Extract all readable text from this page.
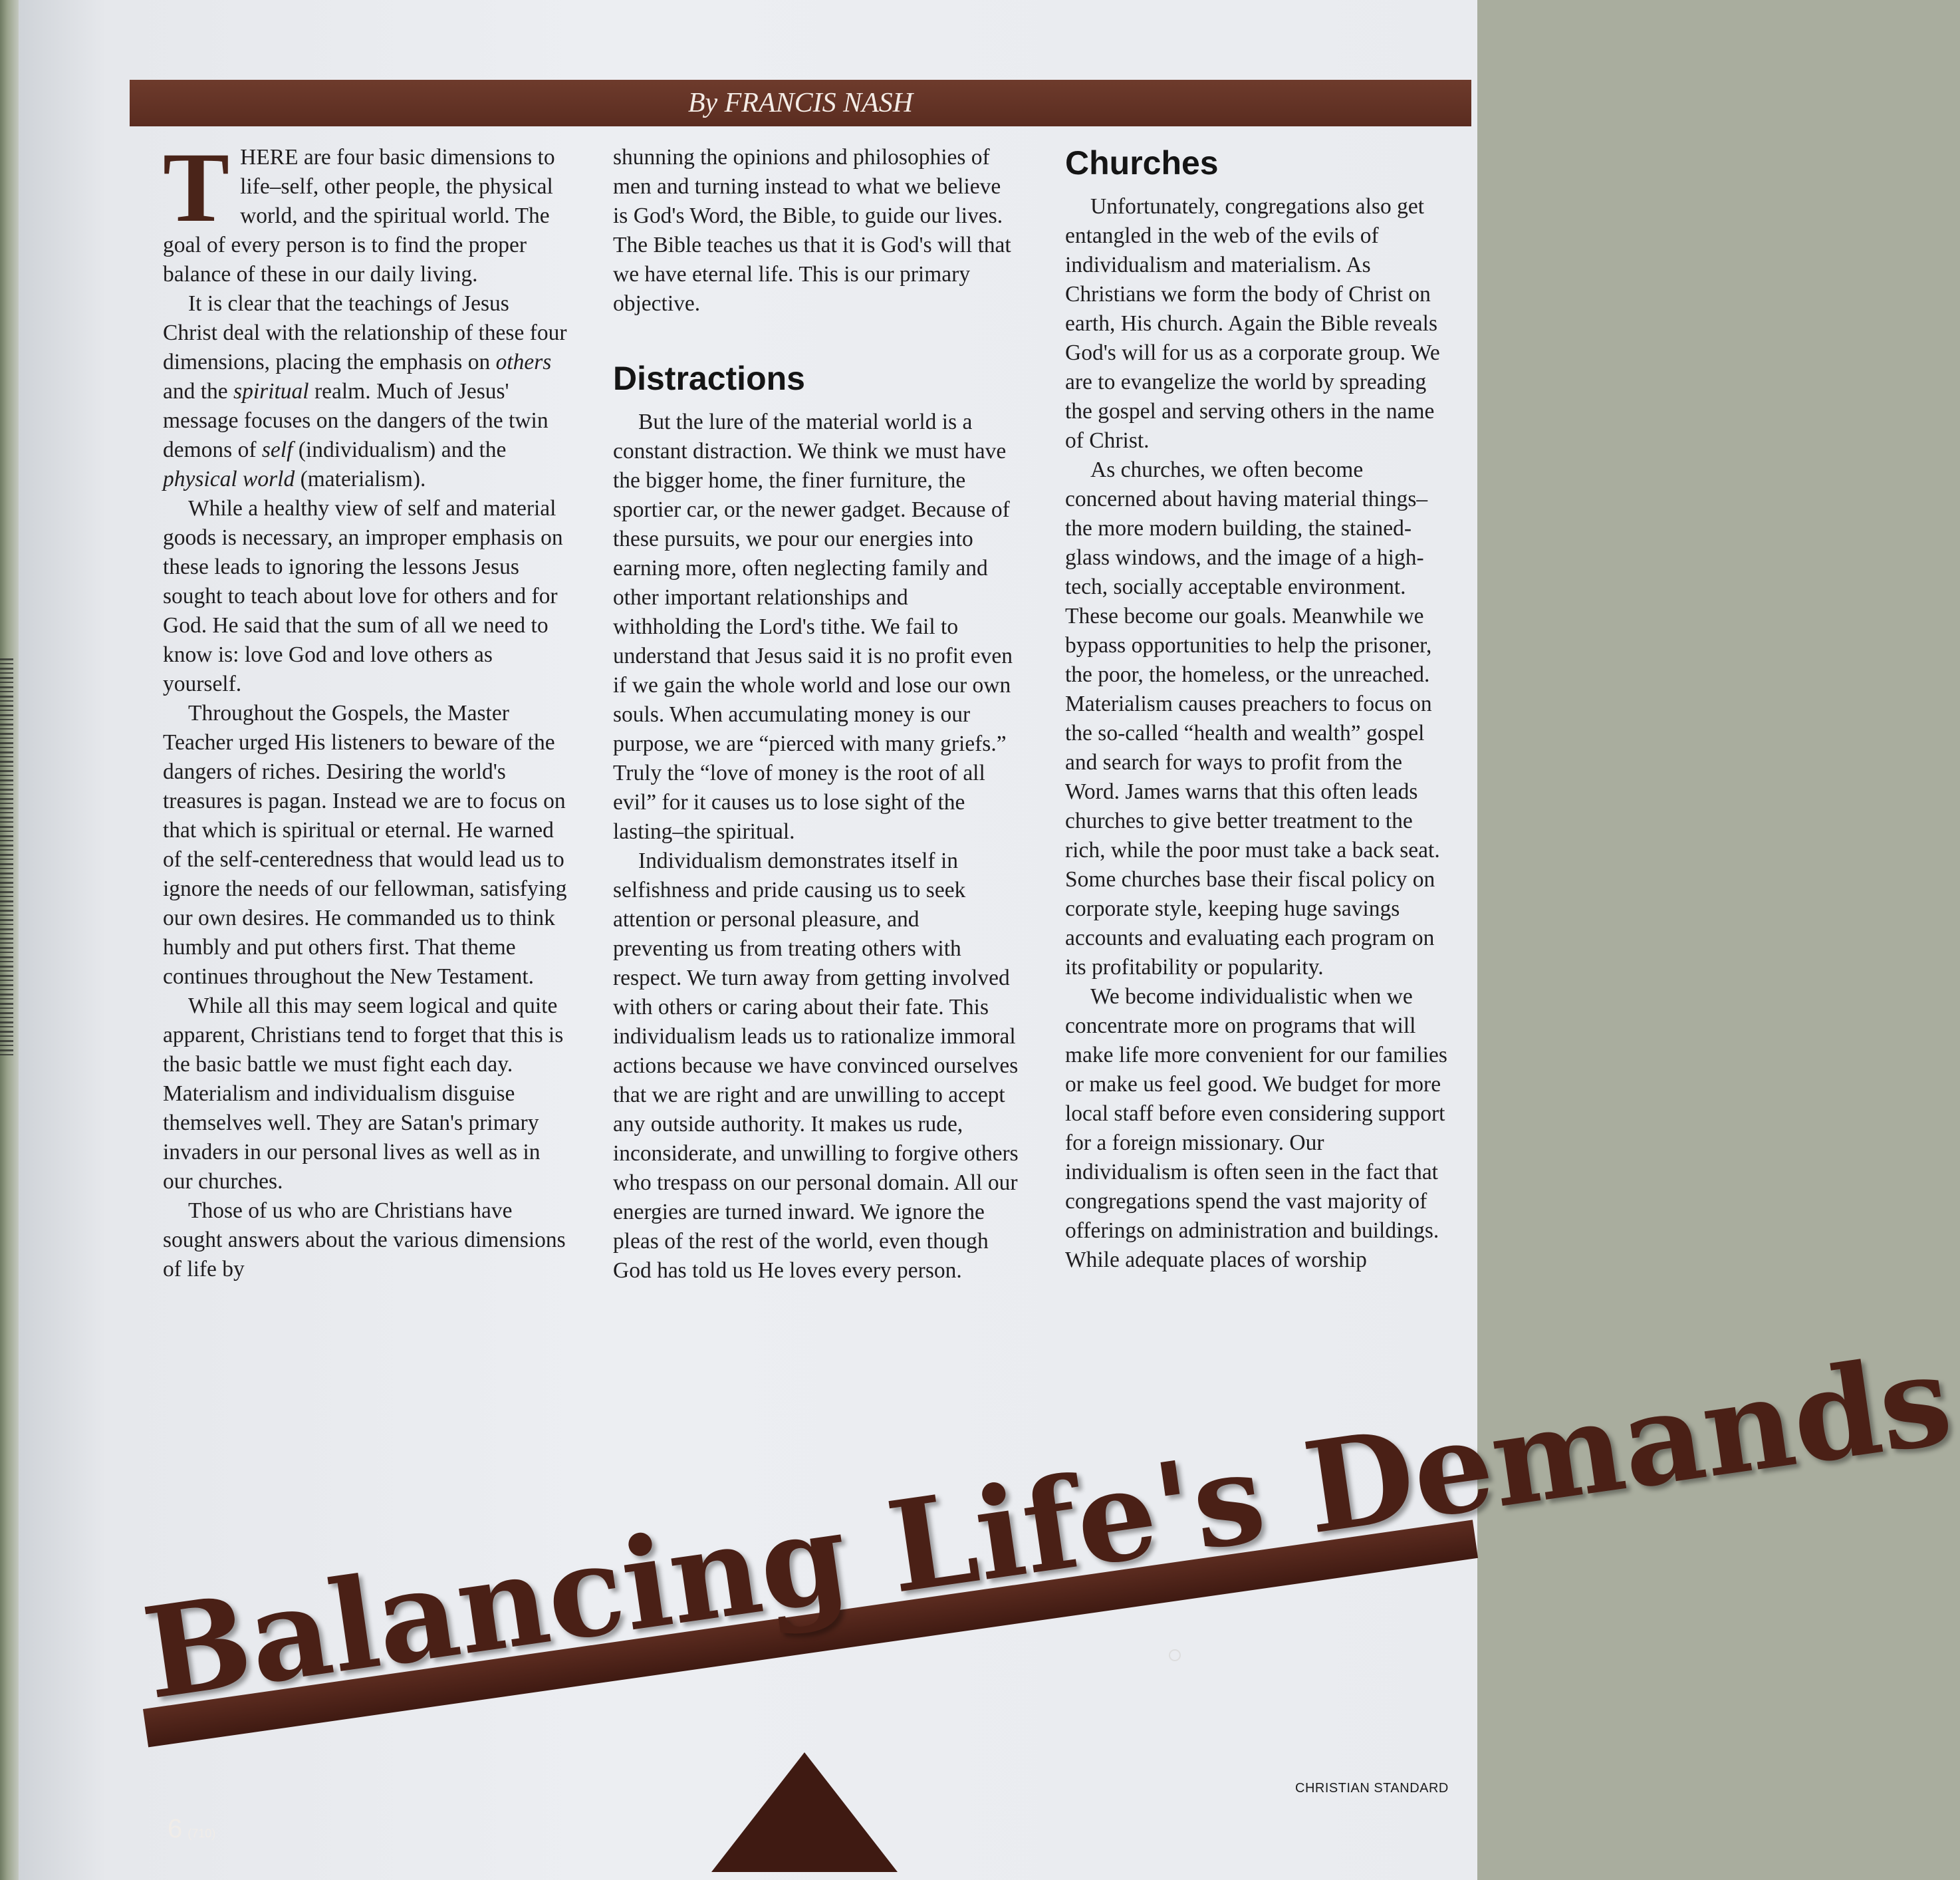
By FRANCIS NASH

THERE are four basic dimensions to life–self, other people, the physical world, and the spiritual world. The goal of every person is to find the proper balance of these in our daily living.

It is clear that the teachings of Jesus Christ deal with the relationship of these four dimensions, placing the emphasis on others and the spiritual realm. Much of Jesus' message focuses on the dangers of the twin demons of self (individualism) and the physical world (materialism).

While a healthy view of self and material goods is necessary, an improper emphasis on these leads to ignoring the lessons Jesus sought to teach about love for others and for God. He said that the sum of all we need to know is: love God and love others as yourself.

Throughout the Gospels, the Master Teacher urged His listeners to beware of the dangers of riches. Desiring the world's treasures is pagan. Instead we are to focus on that which is spiritual or eternal. He warned of the self-centeredness that would lead us to ignore the needs of our fellowman, satisfying our own desires. He commanded us to think humbly and put others first. That theme continues throughout the New Testament.

While all this may seem logical and quite apparent, Christians tend to forget that this is the basic battle we must fight each day. Materialism and individualism disguise themselves well. They are Satan's primary invaders in our personal lives as well as in our churches.

Those of us who are Christians have sought answers about the various dimensions of life by

shunning the opinions and philosophies of men and turning instead to what we believe is God's Word, the Bible, to guide our lives. The Bible teaches us that it is God's will that we have eternal life. This is our primary objective.

Distractions

But the lure of the material world is a constant distraction. We think we must have the bigger home, the finer furniture, the sportier car, or the newer gadget. Because of these pursuits, we pour our energies into earning more, often neglecting family and other important relationships and withholding the Lord's tithe. We fail to understand that Jesus said it is no profit even if we gain the whole world and lose our own souls. When accumulating money is our purpose, we are “pierced with many griefs.” Truly the “love of money is the root of all evil” for it causes us to lose sight of the lasting–the spiritual.

Individualism demonstrates itself in selfishness and pride causing us to seek attention or personal pleasure, and preventing us from treating others with respect. We turn away from getting involved with others or caring about their fate. This individualism leads us to rationalize immoral actions because we have convinced ourselves that we are right and are unwilling to accept any outside authority. It makes us rude, inconsiderate, and unwilling to forgive others who trespass on our personal domain. All our energies are turned inward. We ignore the pleas of the rest of the world, even though God has told us He loves every person.

Churches

Unfortunately, congregations also get entangled in the web of the evils of individualism and materialism. As Christians we form the body of Christ on earth, His church. Again the Bible reveals God's will for us as a corporate group. We are to evangelize the world by spreading the gospel and serving others in the name of Christ.

As churches, we often become concerned about having material things–the more modern building, the stained-glass windows, and the image of a high-tech, socially acceptable environment. These become our goals. Meanwhile we bypass opportunities to help the prisoner, the poor, the homeless, or the unreached. Materialism causes preachers to focus on the so-called “health and wealth” gospel and search for ways to profit from the Word. James warns that this often leads churches to give better treatment to the rich, while the poor must take a back seat. Some churches base their fiscal policy on corporate style, keeping huge savings accounts and evaluating each program on its profitability or popularity.

We become individualistic when we concentrate more on programs that will make life more convenient for our families or make us feel good. We budget for more local staff before even considering support for a foreign missionary. Our individualism is often seen in the fact that congregations spend the vast majority of offerings on administration and buildings. While adequate places of worship

Balancing Life's Demands
6 (710)
CHRISTIAN STANDARD
